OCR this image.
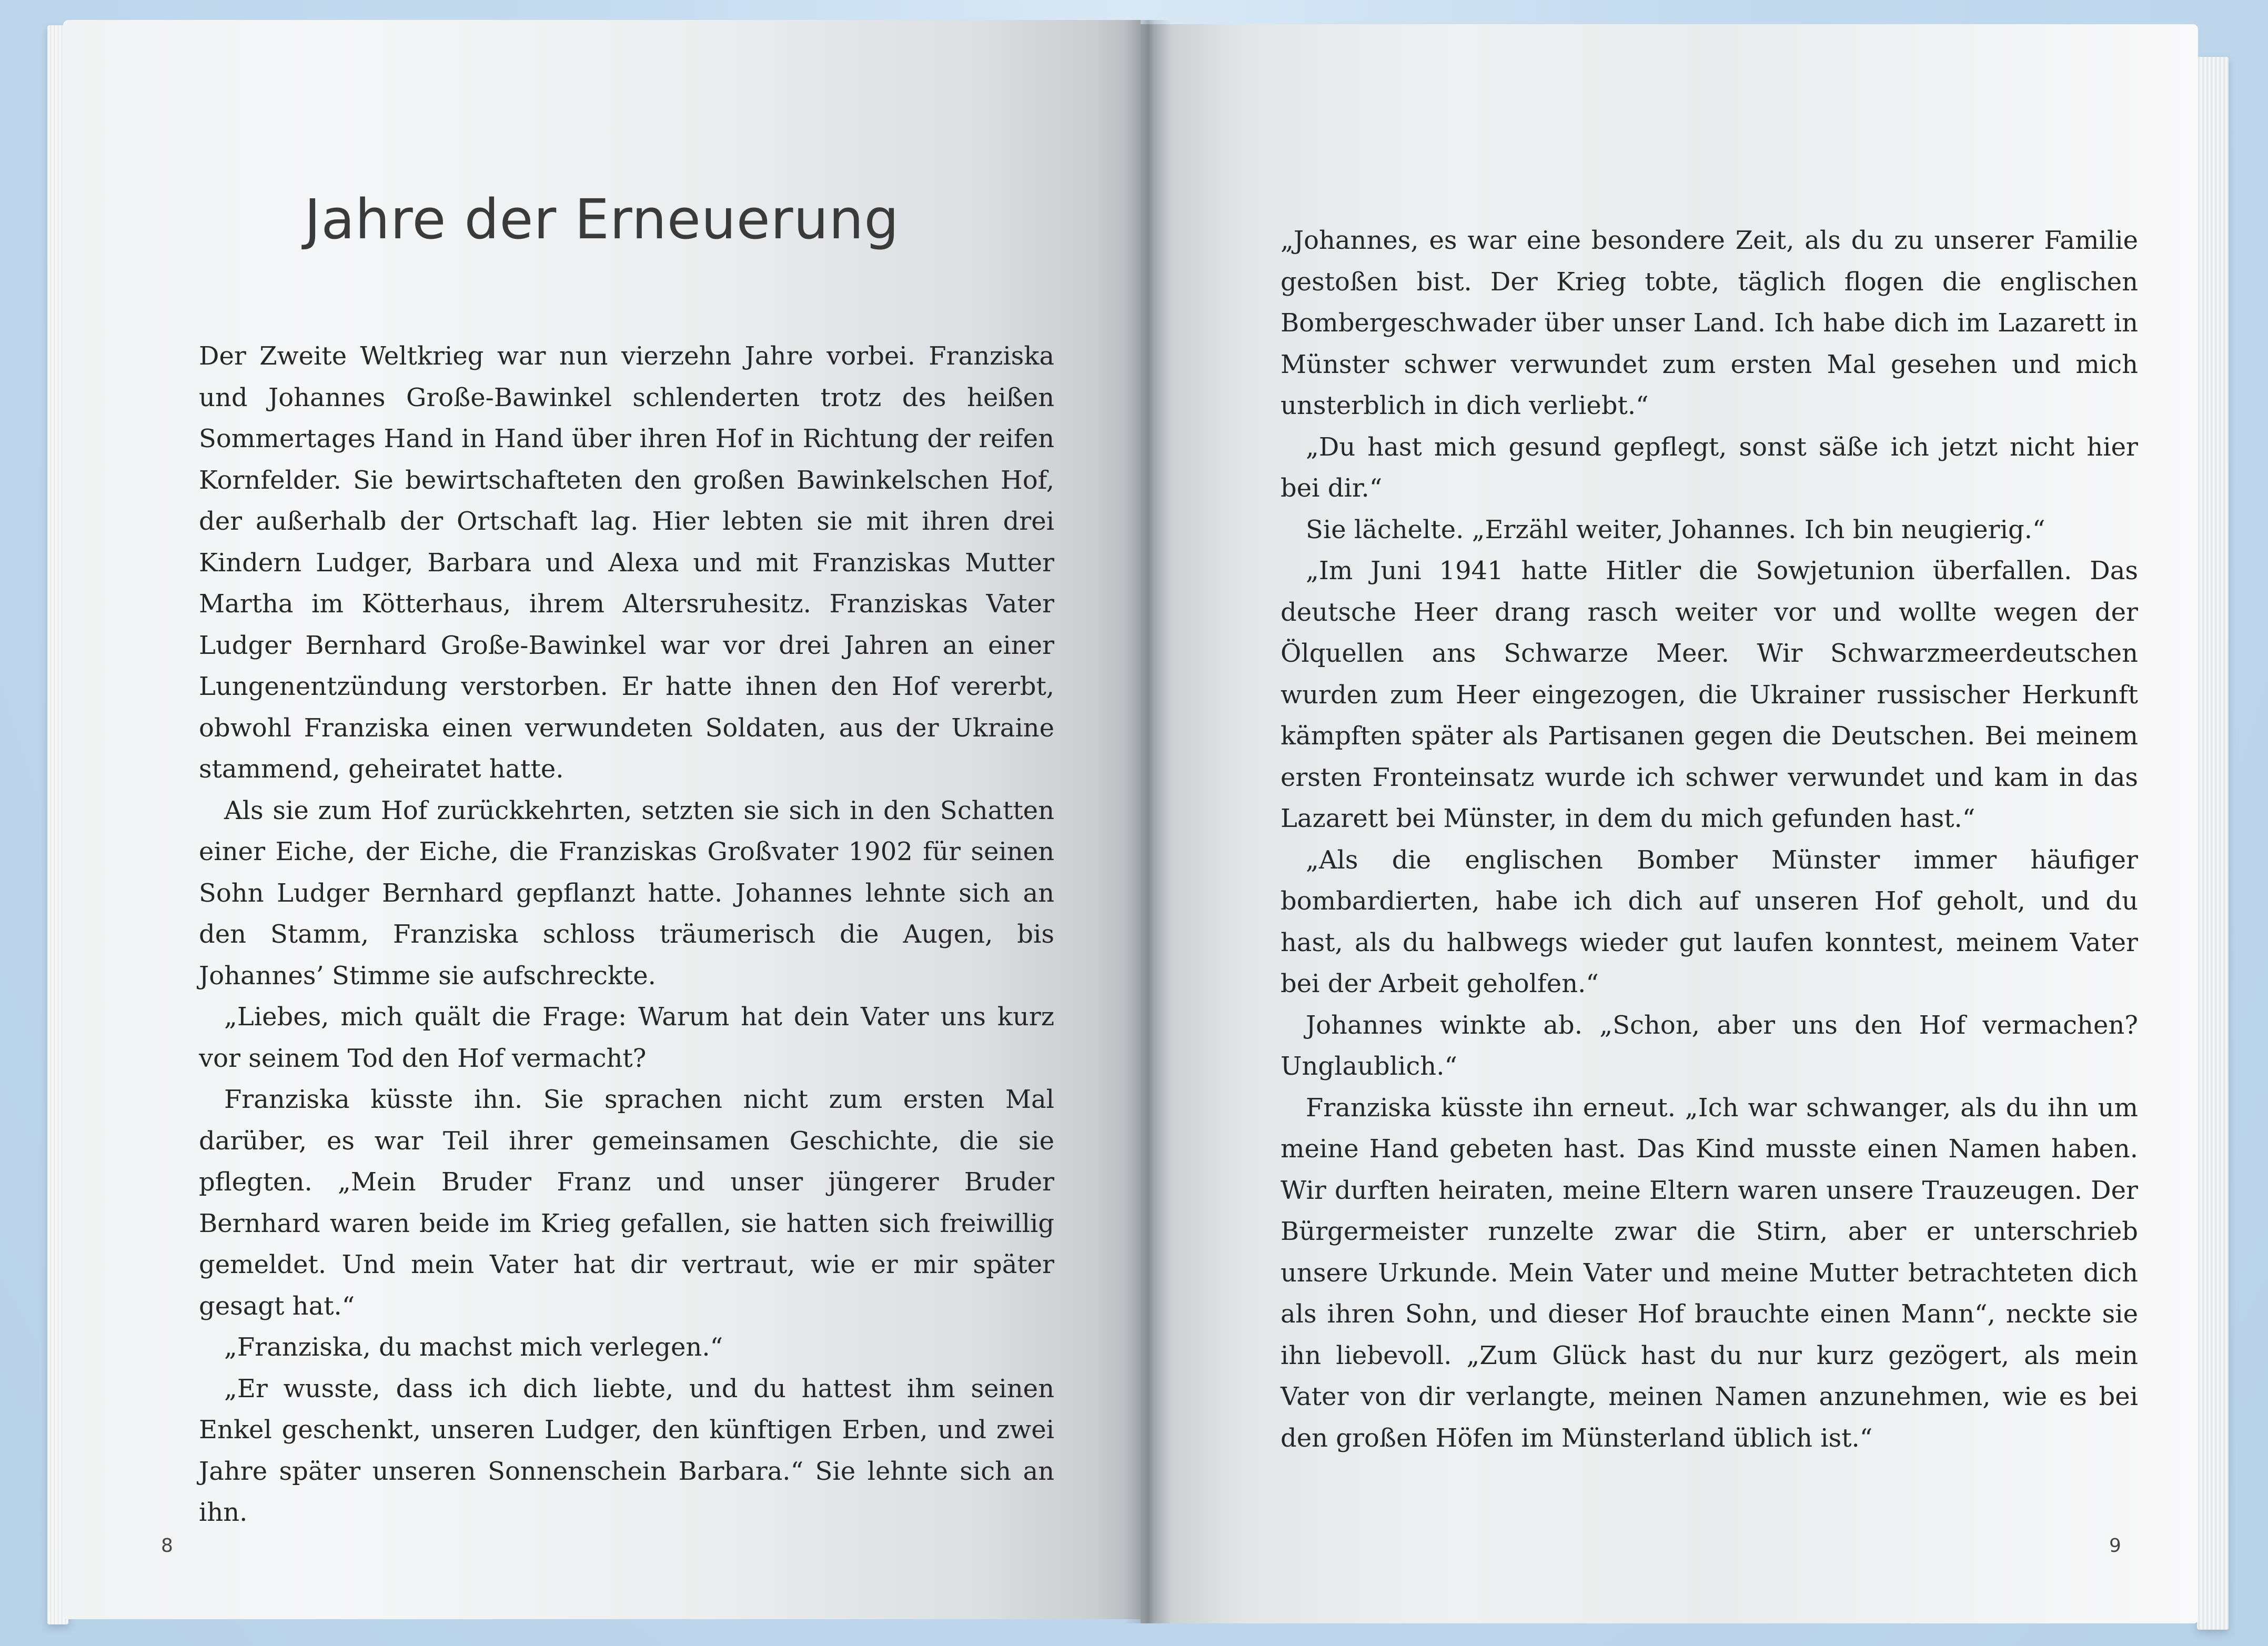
Jahre der Erneuerung

Der Zweite Weltkrieg war nun vierzehn Jahre vorbei. Franziska und Johannes Große-Bawinkel schlenderten trotz des heißen Sommertages Hand in Hand über ihren Hof in Richtung der reifen Kornfelder. Sie bewirtschafteten den großen Bawinkelschen Hof, der außerhalb der Ortschaft lag. Hier lebten sie mit ihren drei Kindern Ludger, Barbara und Alexa und mit Franziskas Mutter Martha im Kötterhaus, ihrem Altersruhesitz. Franziskas Vater Ludger Bernhard Große-Bawinkel war vor drei Jahren an einer Lungenentzündung verstorben. Er hatte ihnen den Hof vererbt, obwohl Franziska einen verwundeten Soldaten, aus der Ukraine stammend, geheiratet hatte.

Als sie zum Hof zurückkehrten, setzten sie sich in den Schatten einer Eiche, der Eiche, die Franziskas Großvater 1902 für seinen Sohn Ludger Bernhard gepflanzt hatte. Johannes lehnte sich an den Stamm, Franziska schloss träumerisch die Augen, bis Johannes’ Stimme sie aufschreckte.

„Liebes, mich quält die Frage: Warum hat dein Vater uns kurz vor seinem Tod den Hof vermacht?

Franziska küsste ihn. Sie sprachen nicht zum ersten Mal darüber, es war Teil ihrer gemeinsamen Geschichte, die sie pflegten. „Mein Bruder Franz und unser jüngerer Bruder Bernhard waren beide im Krieg gefallen, sie hatten sich freiwillig gemeldet. Und mein Vater hat dir vertraut, wie er mir später gesagt hat.“

„Franziska, du machst mich verlegen.“

„Er wusste, dass ich dich liebte, und du hattest ihm seinen Enkel geschenkt, unseren Ludger, den künftigen Erben, und zwei Jahre später unseren Sonnenschein Barbara.“ Sie lehnte sich an ihn.

8

„Johannes, es war eine besondere Zeit, als du zu unserer Familie gestoßen bist. Der Krieg tobte, täglich flogen die englischen Bombergeschwader über unser Land. Ich habe dich im Lazarett in Münster schwer verwundet zum ersten Mal gesehen und mich unsterblich in dich verliebt.“

„Du hast mich gesund gepflegt, sonst säße ich jetzt nicht hier bei dir.“

Sie lächelte. „Erzähl weiter, Johannes. Ich bin neugierig.“

„Im Juni 1941 hatte Hitler die Sowjetunion überfallen. Das deutsche Heer drang rasch weiter vor und wollte wegen der Ölquellen ans Schwarze Meer. Wir Schwarzmeerdeutschen wurden zum Heer eingezogen, die Ukrainer russischer Herkunft kämpften später als Partisanen gegen die Deutschen. Bei meinem ersten Fronteinsatz wurde ich schwer verwundet und kam in das Lazarett bei Münster, in dem du mich gefunden hast.“

„Als die englischen Bomber Münster immer häufiger bombardierten, habe ich dich auf unseren Hof geholt, und du hast, als du halbwegs wieder gut laufen konntest, meinem Vater bei der Arbeit geholfen.“

Johannes winkte ab. „Schon, aber uns den Hof vermachen? Unglaublich.“

Franziska küsste ihn erneut. „Ich war schwanger, als du ihn um meine Hand gebeten hast. Das Kind musste einen Namen haben. Wir durften heiraten, meine Eltern waren unsere Trauzeugen. Der Bürgermeister runzelte zwar die Stirn, aber er unterschrieb unsere Urkunde. Mein Vater und meine Mutter betrachteten dich als ihren Sohn, und dieser Hof brauchte einen Mann“, neckte sie ihn liebevoll. „Zum Glück hast du nur kurz gezögert, als mein Vater von dir verlangte, meinen Namen anzunehmen, wie es bei den großen Höfen im Münsterland üblich ist.“

9
